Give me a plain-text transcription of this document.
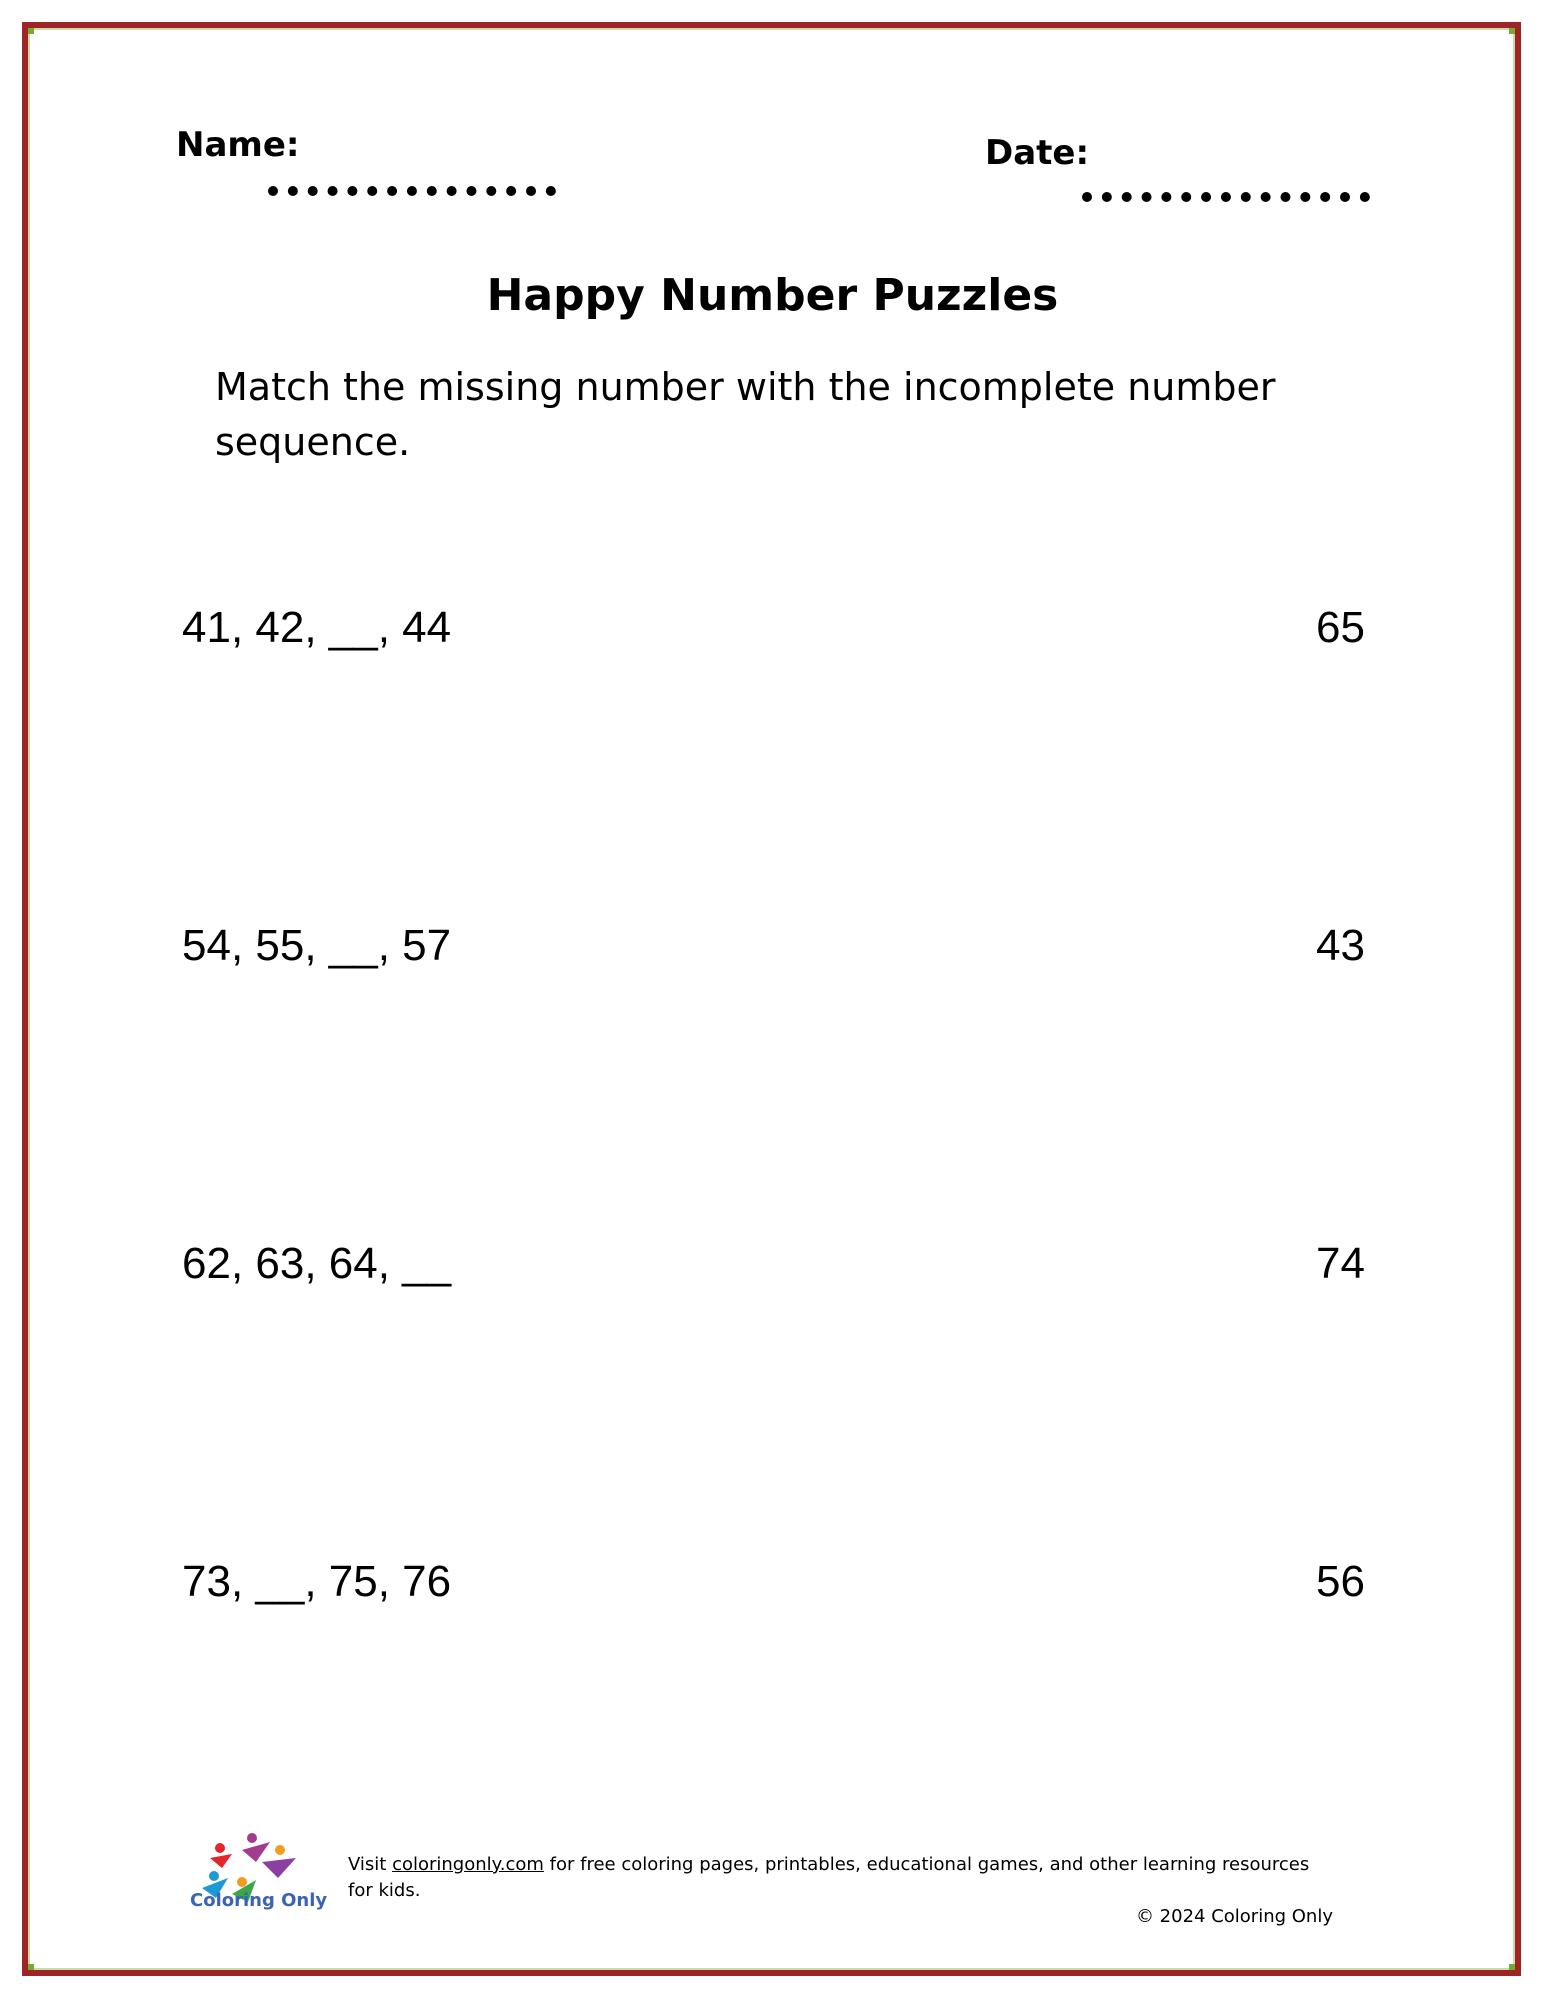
Name:	Date:
Happy Number Puzzles
Match the missing number with the incomplete number sequence.
41, 42, __, 44	65
54, 55, __, 57	43
62, 63, 64, __	74
73, __, 75, 76	56
Coloring Only
Visit coloringonly.com for free coloring pages, printables, educational games, and other learning resources for kids.
© 2024 Coloring Only
